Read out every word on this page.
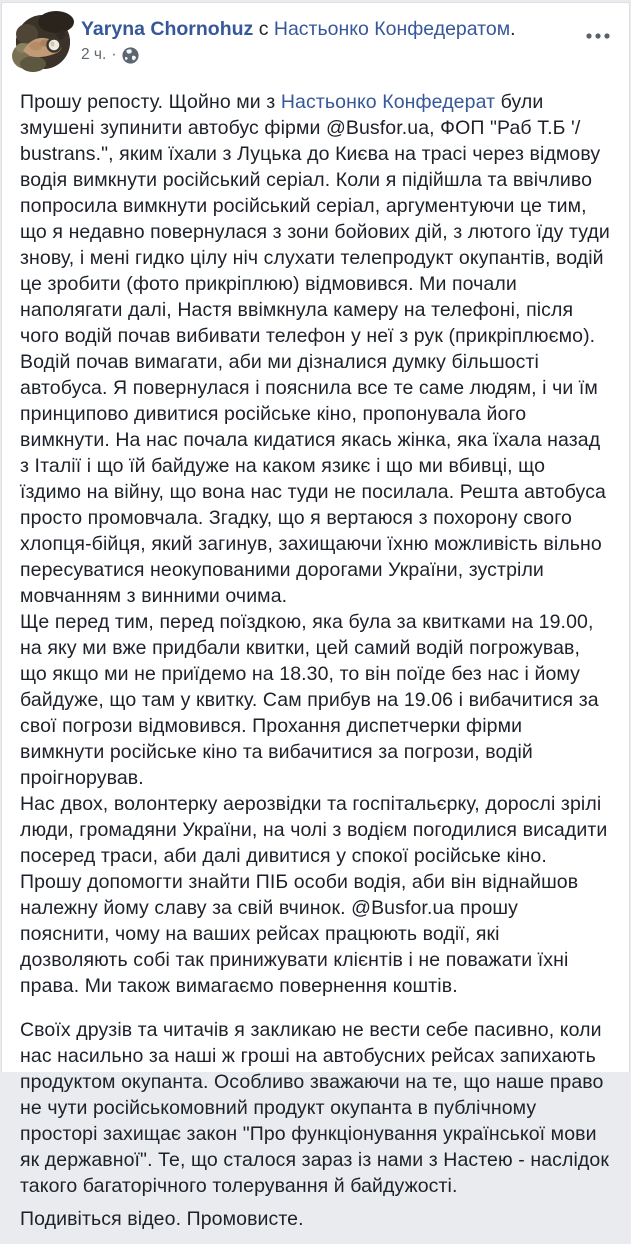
Yaryna Chornohuz с Настьонко Конфедератом.
2 ч. ·

Прошу репосту. Щойно ми з Настьонко Конфедерат були змушені зупинити автобус фірми @Busfor.ua, ФОП "Раб Т.Б '/ bustrans.", яким їхали з Луцька до Києва на трасі через відмову водія вимкнути російський серіал. Коли я підійшла та ввічливо попросила вимкнути російський серіал, аргументуючи це тим, що я недавно повернулася з зони бойових дій, з лютого їду туди знову, і мені гидко цілу ніч слухати телепродукт окупантів, водій це зробити (фото прикріплюю) відмовився. Ми почали наполягати далі, Настя ввімкнула камеру на телефоні, після чого водій почав вибивати телефон у неї з рук (прикріплюємо). Водій почав вимагати, аби ми дізналися думку більшості автобуса. Я повернулася і пояснила все те саме людям, і чи їм принципово дивитися російське кіно, пропонувала його вимкнути. На нас почала кидатися якась жінка, яка їхала назад з Італії і що їй байдуже на каком язикє і що ми вбивці, що їздимо на війну, що вона нас туди не посилала. Решта автобуса просто промовчала. Згадку, що я вертаюся з похорону свого хлопця-бійця, який загинув, захищаючи їхню можливість вільно пересуватися неокупованими дорогами України, зустріли мовчанням з винними очима.

Ще перед тим, перед поїздкою, яка була за квитками на 19.00, на яку ми вже придбали квитки, цей самий водій погрожував, що якщо ми не приїдемо на 18.30, то він поїде без нас і йому байдуже, що там у квитку. Сам прибув на 19.06 і вибачитися за свої погрози відмовився. Прохання диспетчерки фірми вимкнути російське кіно та вибачитися за погрози, водій проігнорував.

Нас двох, волонтерку аерозвідки та госпітальєрку, дорослі зрілі люди, громадяни України, на чолі з водієм погодилися висадити посеред траси, аби далі дивитися у спокої російське кіно.

Прошу допомогти знайти ПІБ особи водія, аби він віднайшов належну йому славу за свій вчинок. @Busfor.ua прошу пояснити, чому на ваших рейсах працюють водії, які дозволяють собі так принижувати клієнтів і не поважати їхні права. Ми також вимагаємо повернення коштів.

Своїх друзів та читачів я закликаю не вести себе пасивно, коли нас насильно за наші ж гроші на автобусних рейсах запихають продуктом окупанта. Особливо зважаючи на те, що наше право не чути російськомовний продукт окупанта в публічному просторі захищає закон "Про функціонування української мови як державної". Те, що сталося зараз із нами з Настею - наслідок такого багаторічного толерування й байдужості.

Подивіться відео. Промовисте.
